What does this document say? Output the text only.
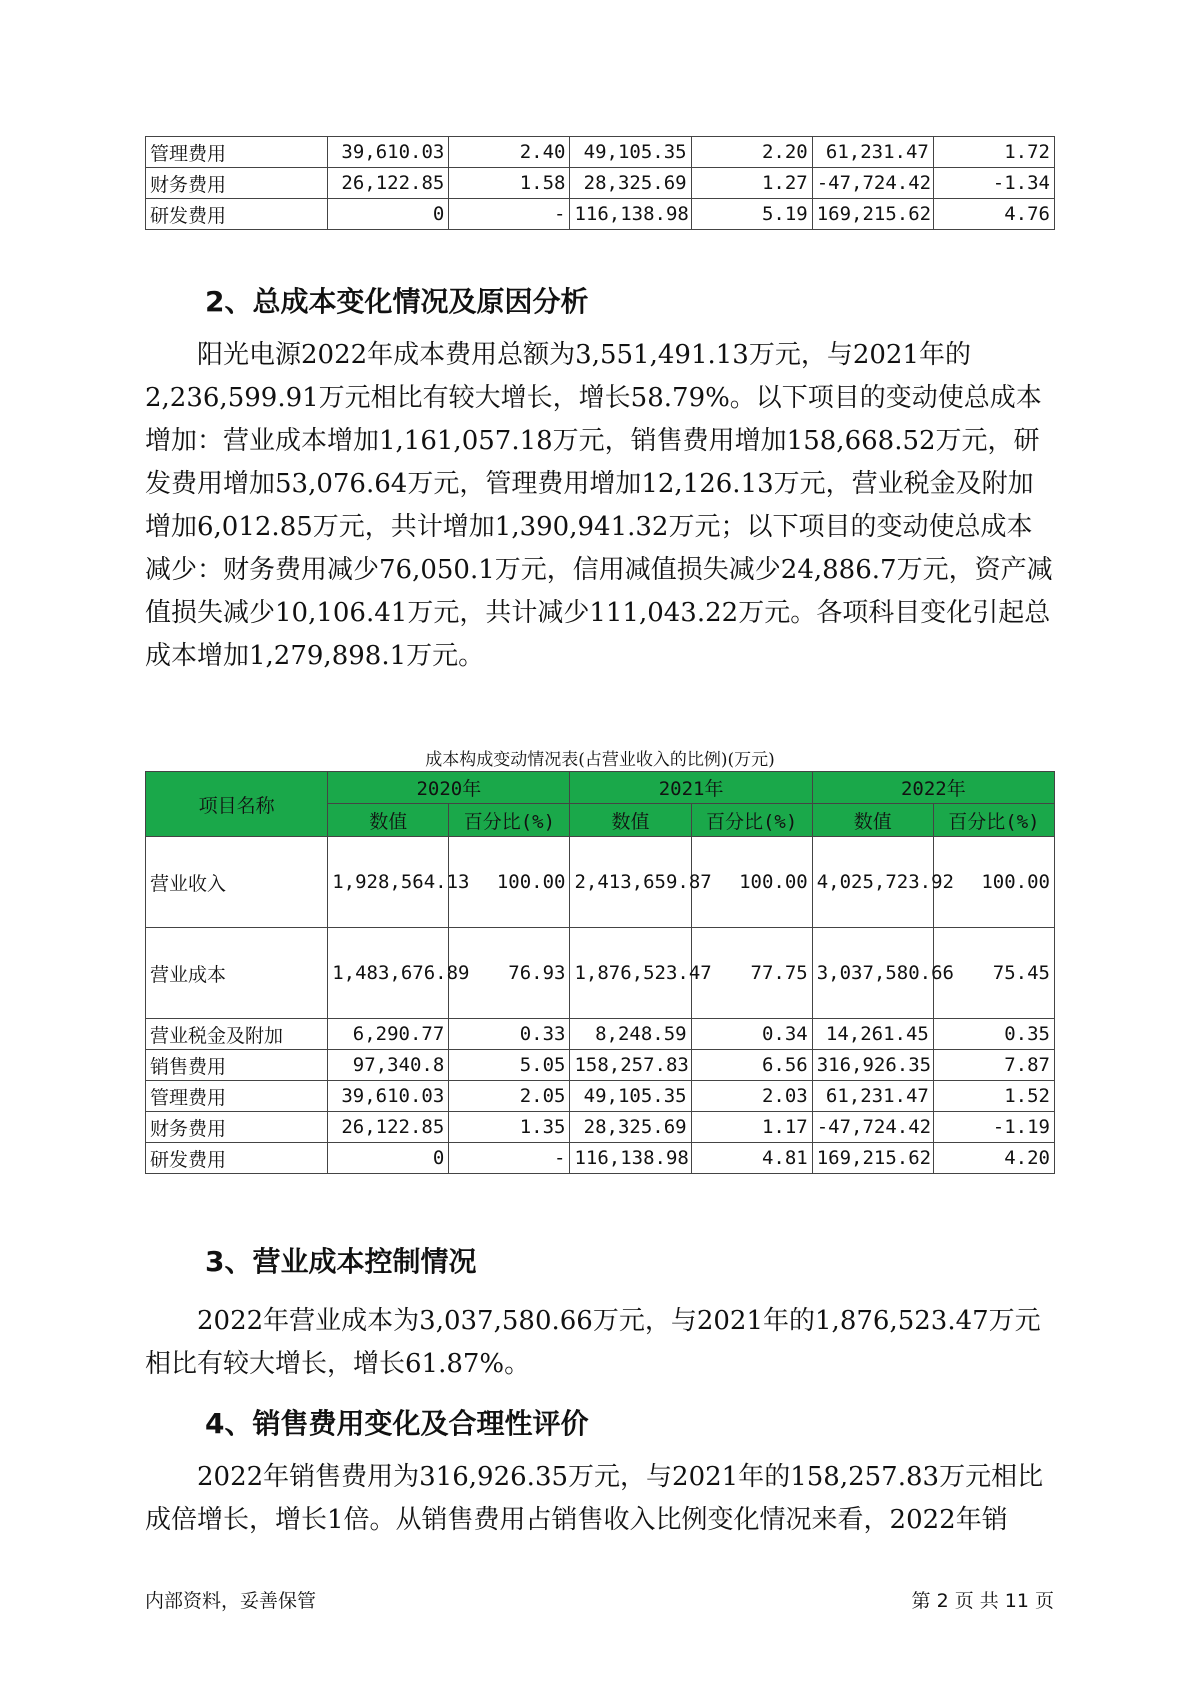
管理费用	39,610.03	2.40	49,105.35	2.20	61,231.47	1.72
财务费用	26,122.85	1.58	28,325.69	1.27	-47,724.42	-1.34
研发费用	0	-	116,138.98	5.19	169,215.62	4.76
2、总成本变化情况及原因分析

阳光电源2022年成本费用总额为3,551,491.13万元，与2021年的2,236,599.91万元相比有较大增长，增长58.79%。以下项目的变动使总成本增加：营业成本增加1,161,057.18万元，销售费用增加158,668.52万元，研发费用增加53,076.64万元，管理费用增加12,126.13万元，营业税金及附加增加6,012.85万元，共计增加1,390,941.32万元；以下项目的变动使总成本减少：财务费用减少76,050.1万元，信用减值损失减少24,886.7万元，资产减值损失减少10,106.41万元，共计减少111,043.22万元。各项科目变化引起总成本增加1,279,898.1万元。

成本构成变动情况表(占营业收入的比例)(万元)

项目名称	2020年		2021年		2022年	
	数值	百分比(%)	数值	百分比(%)	数值	百分比(%)
营业收入	1,928,564.13	100.00	2,413,659.87	100.00	4,025,723.92	100.00
营业成本	1,483,676.89	76.93	1,876,523.47	77.75	3,037,580.66	75.45
营业税金及附加	6,290.77	0.33	8,248.59	0.34	14,261.45	0.35
销售费用	97,340.8	5.05	158,257.83	6.56	316,926.35	7.87
管理费用	39,610.03	2.05	49,105.35	2.03	61,231.47	1.52
财务费用	26,122.85	1.35	28,325.69	1.17	-47,724.42	-1.19
研发费用	0	-	116,138.98	4.81	169,215.62	4.20
3、营业成本控制情况

2022年营业成本为3,037,580.66万元，与2021年的1,876,523.47万元相比有较大增长，增长61.87%。

4、销售费用变化及合理性评价

2022年销售费用为316,926.35万元，与2021年的158,257.83万元相比成倍增长，增长1倍。从销售费用占销售收入比例变化情况来看，2022年销

内部资料，妥善保管	第 2 页 共 11 页
